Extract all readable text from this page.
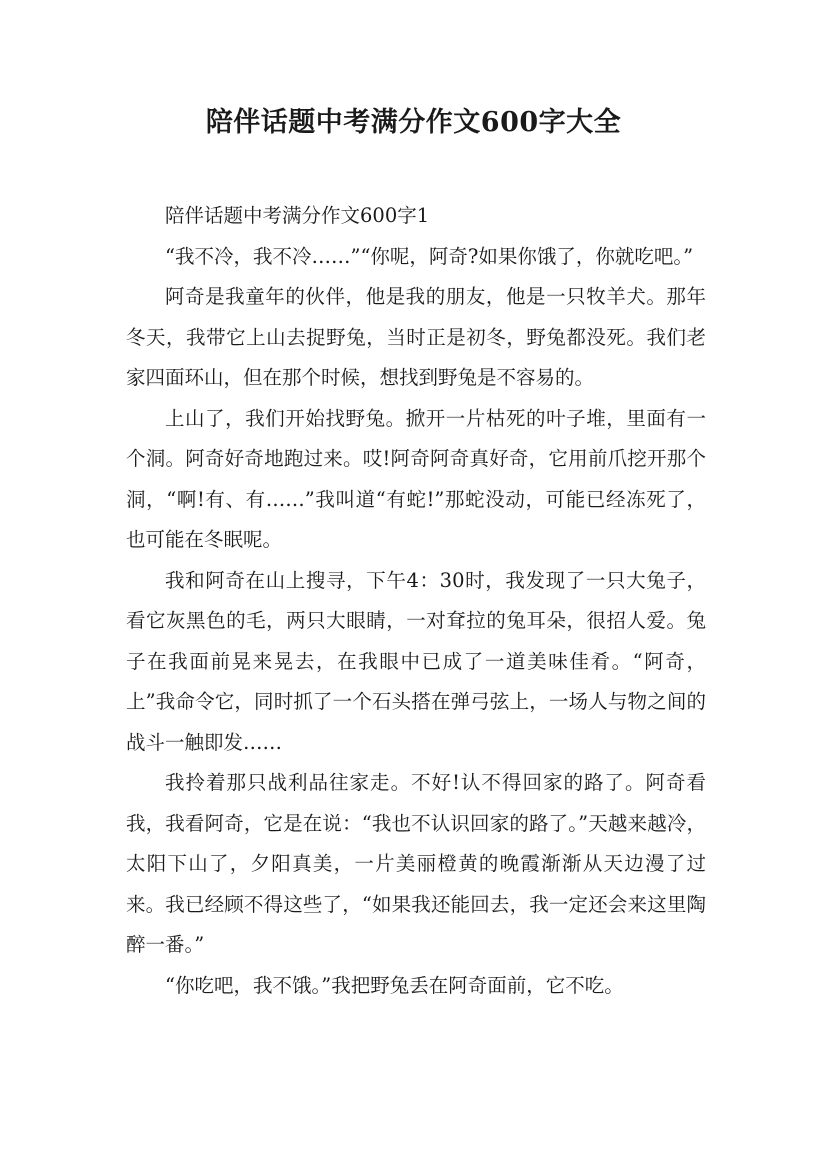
陪伴话题中考满分作文600字大全

陪伴话题中考满分作文600字1

“我不冷，我不冷……”“你呢，阿奇?如果你饿了，你就吃吧。”

阿奇是我童年的伙伴，他是我的朋友，他是一只牧羊犬。那年冬天，我带它上山去捉野兔，当时正是初冬，野兔都没死。我们老家四面环山，但在那个时候，想找到野兔是不容易的。

上山了，我们开始找野兔。掀开一片枯死的叶子堆，里面有一个洞。阿奇好奇地跑过来。哎!阿奇阿奇真好奇，它用前爪挖开那个洞，“啊!有、有……”我叫道“有蛇!”那蛇没动，可能已经冻死了，也可能在冬眠呢。

我和阿奇在山上搜寻，下午4：30时，我发现了一只大兔子，看它灰黑色的毛，两只大眼睛，一对耷拉的兔耳朵，很招人爱。兔子在我面前晃来晃去，在我眼中已成了一道美味佳肴。“阿奇，上”我命令它，同时抓了一个石头搭在弹弓弦上，一场人与物之间的战斗一触即发……

我拎着那只战利品往家走。不好!认不得回家的路了。阿奇看我，我看阿奇，它是在说：“我也不认识回家的路了。”天越来越冷，太阳下山了，夕阳真美，一片美丽橙黄的晚霞渐渐从天边漫了过来。我已经顾不得这些了，“如果我还能回去，我一定还会来这里陶醉一番。”

“你吃吧，我不饿。”我把野兔丢在阿奇面前，它不吃。
